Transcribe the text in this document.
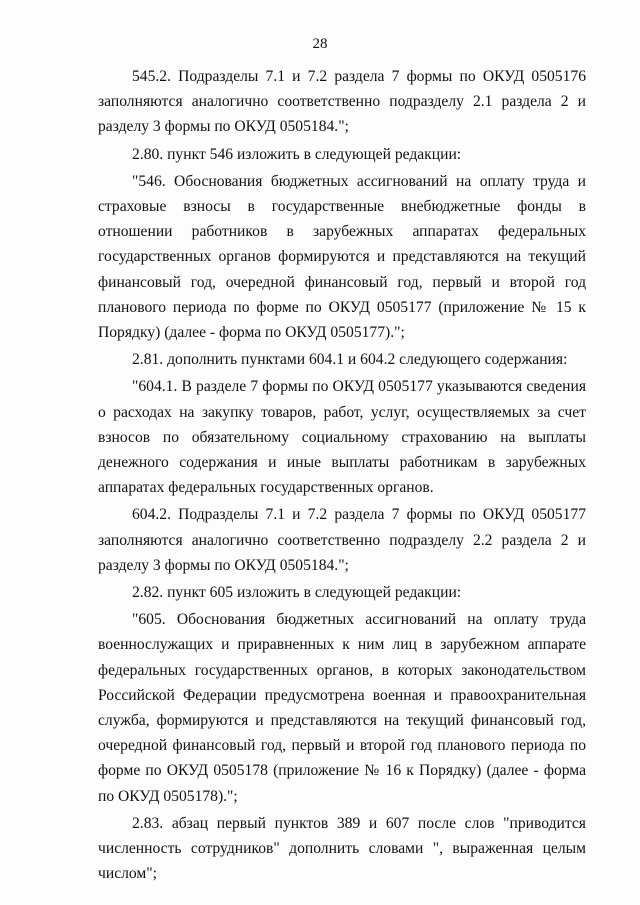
28

545.2. Подразделы 7.1 и 7.2 раздела 7 формы по ОКУД 0505176 заполняются аналогично соответственно подразделу 2.1 раздела 2 и разделу 3 формы по ОКУД 0505184.";

2.80. пункт 546 изложить в следующей редакции:

"546. Обоснования бюджетных ассигнований на оплату труда и страховые взносы в государственные внебюджетные фонды в отношении работников в зарубежных аппаратах федеральных государственных органов формируются и представляются на текущий финансовый год, очередной финансовый год, первый и второй год планового периода по форме по ОКУД 0505177 (приложение № 15 к Порядку) (далее - форма по ОКУД 0505177).";

2.81. дополнить пунктами 604.1 и 604.2 следующего содержания:

"604.1. В разделе 7 формы по ОКУД 0505177 указываются сведения о расходах на закупку товаров, работ, услуг, осуществляемых за счет взносов по обязательному социальному страхованию на выплаты денежного содержания и иные выплаты работникам в зарубежных аппаратах федеральных государственных органов.

604.2. Подразделы 7.1 и 7.2 раздела 7 формы по ОКУД 0505177 заполняются аналогично соответственно подразделу 2.2 раздела 2 и разделу 3 формы по ОКУД 0505184.";

2.82. пункт 605 изложить в следующей редакции:

"605. Обоснования бюджетных ассигнований на оплату труда военнослужащих и приравненных к ним лиц в зарубежном аппарате федеральных государственных органов, в которых законодательством Российской Федерации предусмотрена военная и правоохранительная служба, формируются и представляются на текущий финансовый год, очередной финансовый год, первый и второй год планового периода по форме по ОКУД 0505178 (приложение № 16 к Порядку) (далее - форма по ОКУД 0505178).";

2.83. абзац первый пунктов 389 и 607 после слов "приводится численность сотрудников" дополнить словами ", выраженная целым числом";
